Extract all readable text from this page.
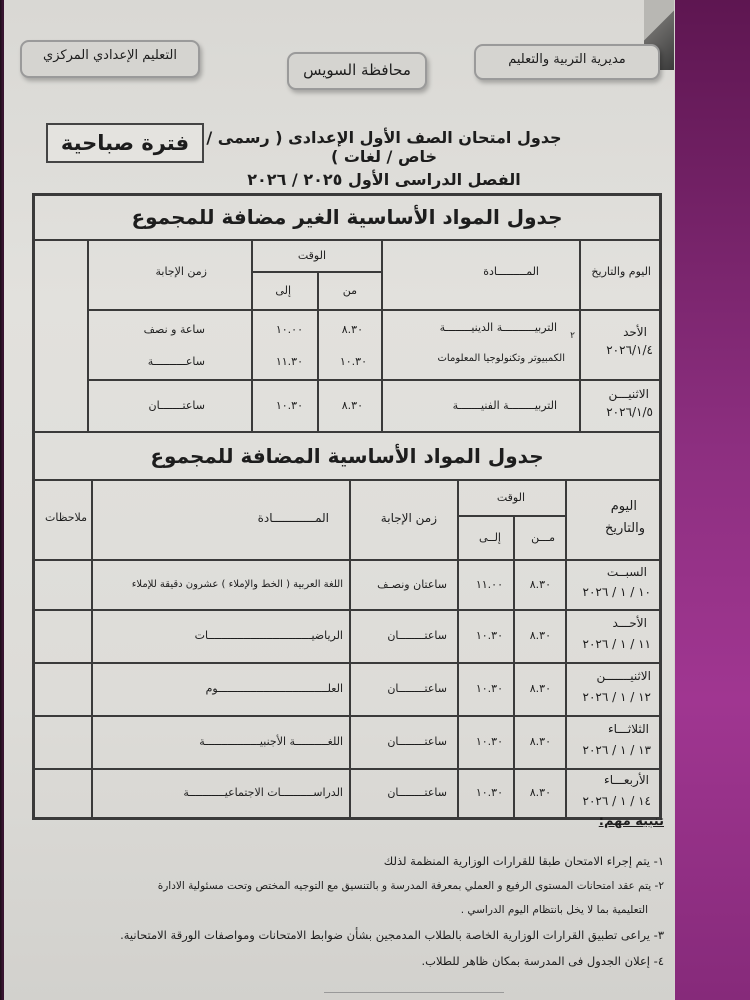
مديرية التربية والتعليم
محافظة السويس
التعليم الإعدادي المركزي
فترة صباحية	جدول امتحان الصف الأول الإعدادى ( رسمى / خاص / لغات )
الفصل الدراسى الأول ٢٠٢٥ / ٢٠٢٦
جدول المواد الأساسية الغير مضافة للمجموع
اليوم والتاريخ
المـــــــــادة
الوقت
من
إلى
زمن الإجابة
الأحد
٢٠٢٦/١/٤
٢
التربيــــــــــة الدينيــــــــة
الكمبيوتر وتكنولوجيا المعلومات
٨.٣٠
١٠.٣٠
١٠.٠٠
١١.٣٠
ساعة و نصف
ساعــــــــــة
الاثنيـــن
٢٠٢٦/١/٥
التربيــــــــة الفنيـــــــة
٨.٣٠
١٠.٣٠
ساعتـــــــان
جدول المواد الأساسية المضافة للمجموع
اليوم
والتاريخ
الوقت
مـــن
إلــى
زمن الإجابة
المــــــــــــادة
ملاحظات
السبــت
١٠ / ١ / ٢٠٢٦
٨.٣٠
١١.٠٠
ساعتان ونصـف
اللغة العربية ( الخط والإملاء ) عشرون دقيقة للإملاء
الأحـــد
١١ / ١ / ٢٠٢٦
٨.٣٠
١٠.٣٠
ساعتــــــــان
الرياضيــــــــــــــــــــــــــــــــات
الاثنيـــــــن
١٢ / ١ / ٢٠٢٦
٨.٣٠
١٠.٣٠
ساعتــــــــان
العلــــــــــــــــــــــــــــــــــوم
الثلاثـــاء
١٣ / ١ / ٢٠٢٦
٨.٣٠
١٠.٣٠
ساعتــــــــان
اللغــــــــــة الأجنبيـــــــــــــــــة
الأربعـــاء
١٤ / ١ / ٢٠٢٦
٨.٣٠
١٠.٣٠
ساعتــــــــان
الدراســــــــــات الاجتماعيـــــــــــة
تنبيه مهم:
١- يتم إجراء الامتحان طبقا للقرارات الوزارية المنظمة لذلك
٢- يتم عقد امتحانات المستوى الرفيع و العملي بمعرفة المدرسة و بالتنسيق مع التوجيه المختص وتحت مسئولية الادارة
التعليمية بما لا يخل بانتظام اليوم الدراسي .
٣- يراعى تطبيق القرارات الوزارية الخاصة بالطلاب المدمجين بشأن ضوابط الامتحانات ومواصفات الورقة الامتحانية.
٤- إعلان الجدول فى المدرسة بمكان ظاهر للطلاب.
